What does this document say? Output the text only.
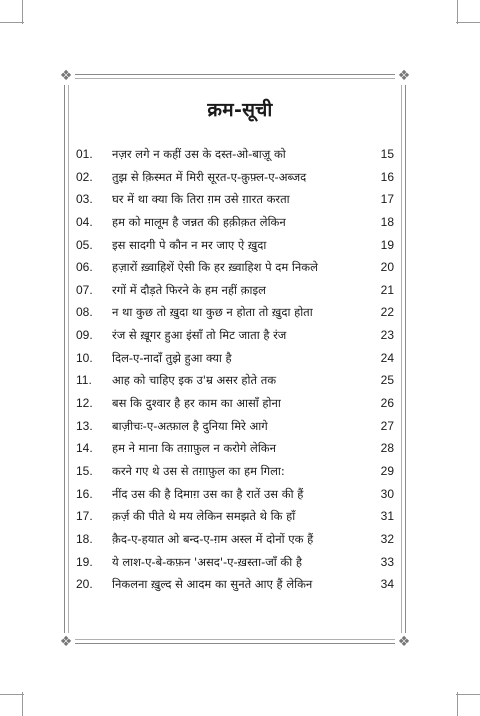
❖	❖
❖	❖
क्रम-सूची
01.	नज़र लगे न कहीं उस के दस्त-ओ-बाज़ू को	15
02.	तुझ से क़िस्मत में मिरी सूरत-ए-क़ुफ़्ल-ए-अब्जद	16
03.	घर में था क्या कि तिरा ग़म उसे ग़ारत करता	17
04.	हम को मालूम है जन्नत की हक़ीक़त लेकिन	18
05.	इस सादगी पे कौन न मर जाए ऐ ख़ुदा	19
06.	हज़ारों ख़्वाहिशें ऐसी कि हर ख़्वाहिश पे दम निकले	20
07.	रगों में दौड़ते फिरने के हम नहीं क़ाइल	21
08.	न था कुछ तो ख़ुदा था कुछ न होता तो ख़ुदा होता	22
09.	रंज से ख़ूगर हुआ इंसाँ तो मिट जाता है रंज	23
10.	दिल-ए-नादाँ तुझे हुआ क्या है	24
11.	आह को चाहिए इक उ'म्र असर होते तक	25
12.	बस कि दुश्वार है हर काम का आसाँ होना	26
13.	बाज़ीचः-ए-अत्फ़ाल है दुनिया मिरे आगे	27
14.	हम ने माना कि तग़ाफ़ुल न करोगे लेकिन	28
15.	करने गए थे उस से तग़ाफ़ुल का हम गिला:	29
16.	नींद उस की है दिमाग़ उस का है रातें उस की हैं	30
17.	क़र्ज़ की पीते थे मय लेकिन समझते थे कि हाँ	31
18.	क़ैद-ए-हयात ओ बन्द-ए-ग़म अस्ल में दोनों एक हैं	32
19.	ये लाश-ए-बे-कफ़न 'असद'-ए-ख़स्ता-जाँ की है	33
20.	निकलना ख़ुल्द से आदम का सुनते आए हैं लेकिन	34
